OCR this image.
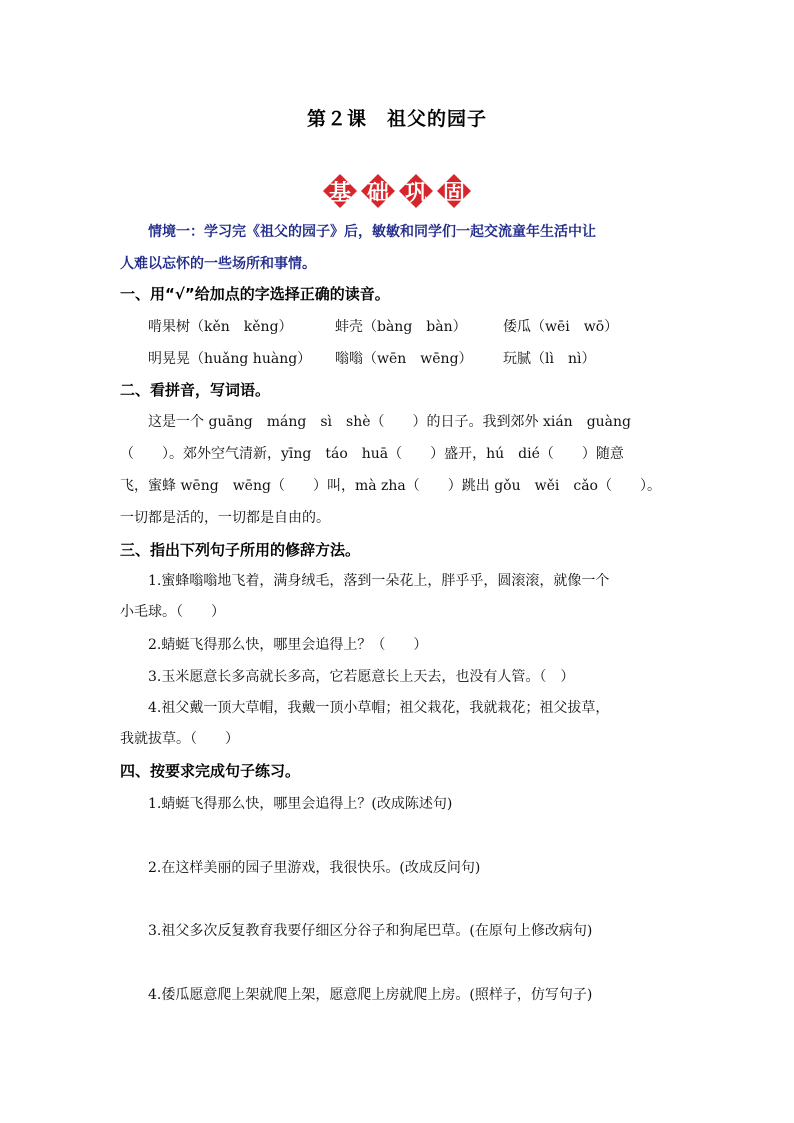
第２课　祖父的园子
基 础 巩 固
情境一：学习完《祖父的园子》后，敏敏和同学们一起交流童年生活中让
人难以忘怀的一些场所和事情。
一、用“√”给加点的字选择正确的读音。
啃果树（kěn　kěng）	蚌壳（bàng　bàn）	倭瓜（wēi　wō）
明晃晃（huǎng huàng） 嗡嗡（wēn　wēng） 玩腻（lì　nì）
二、看拼音，写词语。
这是一个 guāng　máng　sì　shè（　　）的日子。我到郊外 xián　guàng
（　　）。郊外空气清新，yīng　táo　huā（　　）盛开，hú　dié（　　）随意
飞，蜜蜂 wēng　wēng（　　）叫，mà zha（　　）跳出 gǒu　wěi　cǎo（　　）。
一切都是活的，一切都是自由的。
三、指出下列句子所用的修辞方法。
1.蜜蜂嗡嗡地飞着，满身绒毛，落到一朵花上，胖乎乎，圆滚滚，就像一个
小毛球。（　　）
2.蜻蜓飞得那么快，哪里会追得上？（　　）
3.玉米愿意长多高就长多高，它若愿意长上天去，也没有人管。（　）
4.祖父戴一顶大草帽，我戴一顶小草帽；祖父栽花，我就栽花；祖父拔草，
我就拔草。（　　）
四、按要求完成句子练习。
1.蜻蜓飞得那么快，哪里会追得上？(改成陈述句)
2.在这样美丽的园子里游戏，我很快乐。(改成反问句)
3.祖父多次反复教育我要仔细区分谷子和狗尾巴草。(在原句上修改病句)
4.倭瓜愿意爬上架就爬上架，愿意爬上房就爬上房。(照样子，仿写句子)
